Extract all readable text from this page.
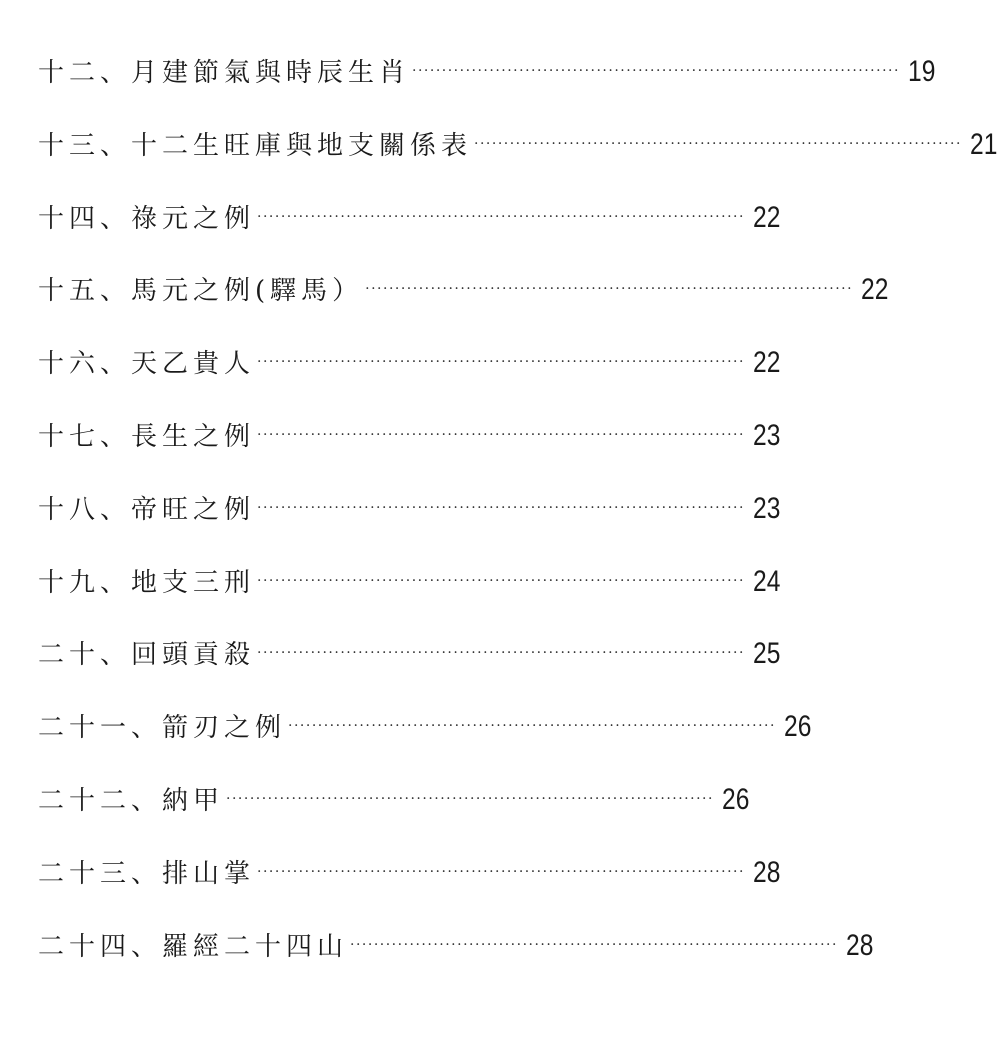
十二、月建節氣與時辰生肖 ·················································································· 19
十三、十二生旺庫與地支關係表 ·················································································· 21
十四、祿元之例 ·················································································· 22
十五、馬元之例(驛馬） ·················································································· 22
十六、天乙貴人 ·················································································· 22
十七、長生之例 ·················································································· 23
十八、帝旺之例 ·················································································· 23
十九、地支三刑 ·················································································· 24
二十、回頭貢殺 ·················································································· 25
二十一、箭刃之例 ·················································································· 26
二十二、納甲 ·················································································· 26
二十三、排山掌 ·················································································· 28
二十四、羅經二十四山 ·················································································· 28
